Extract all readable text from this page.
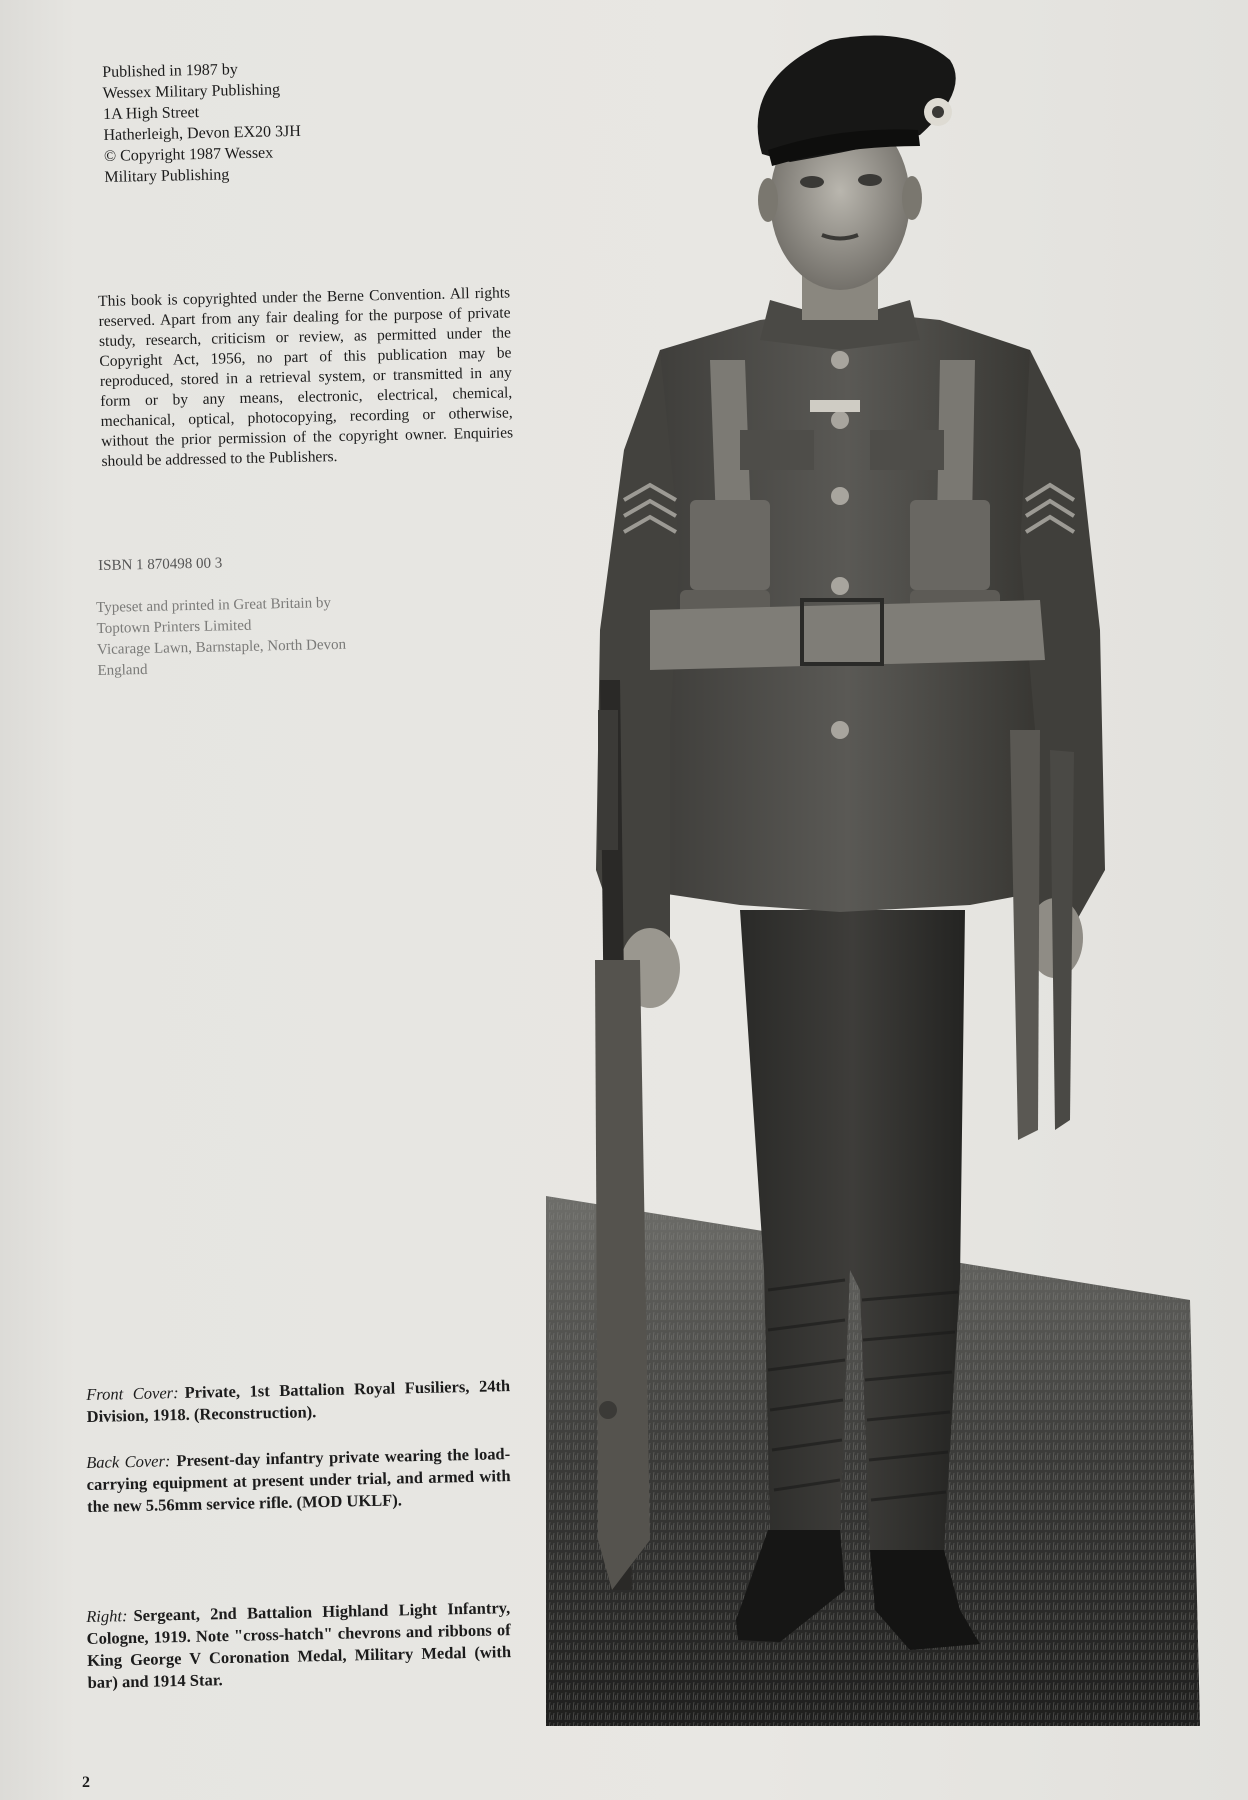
Published in 1987 by
Wessex Military Publishing
1A High Street
Hatherleigh, Devon EX20 3JH
© Copyright 1987 Wessex
Military Publishing
This book is copyrighted under the Berne Convention. All rights reserved. Apart from any fair dealing for the purpose of private study, research, criticism or review, as permitted under the Copyright Act, 1956, no part of this publication may be reproduced, stored in a retrieval system, or transmitted in any form or by any means, electronic, electrical, chemical, mechanical, optical, photocopying, recording or otherwise, without the prior permission of the copyright owner. Enquiries should be addressed to the Publishers.
ISBN 1 870498 00 3
Typeset and printed in Great Britain by
Toptown Printers Limited
Vicarage Lawn, Barnstaple, North Devon
England
Front Cover: Private, 1st Battalion Royal Fusiliers, 24th Division, 1918. (Reconstruction).
Back Cover: Present-day infantry private wearing the load-carrying equipment at present under trial, and armed with the new 5.56mm service rifle. (MOD UKLF).
Right: Sergeant, 2nd Battalion Highland Light Infantry, Cologne, 1919. Note "cross-hatch" chevrons and ribbons of King George V Coronation Medal, Military Medal (with bar) and 1914 Star.
2
